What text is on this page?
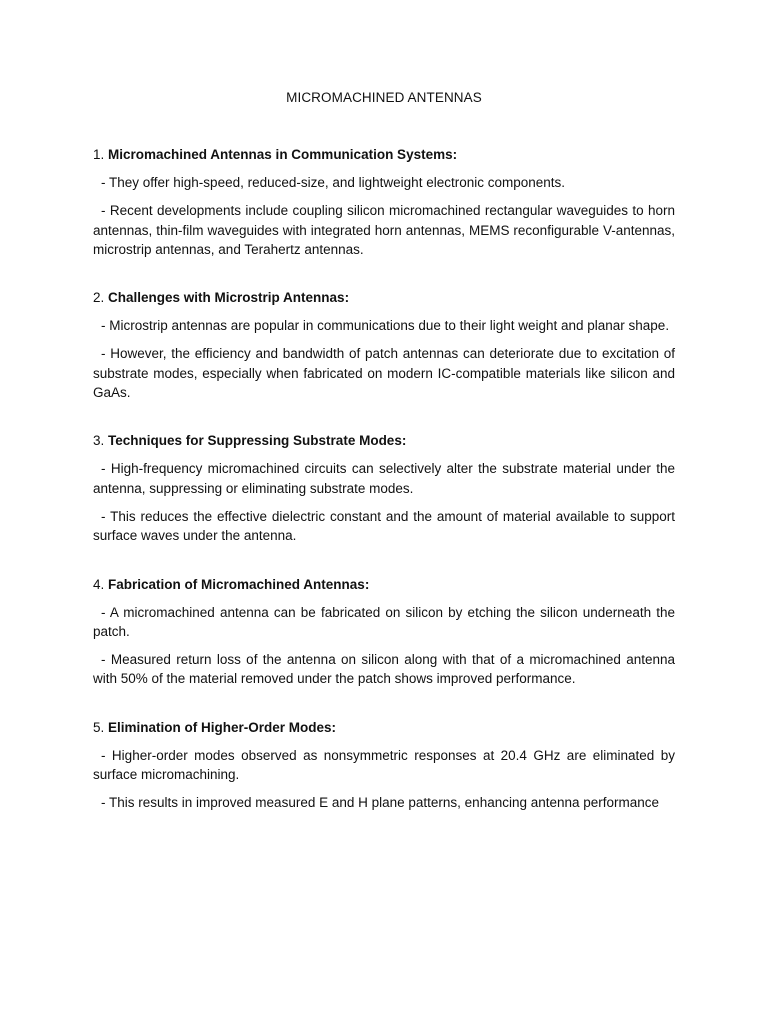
MICROMACHINED ANTENNAS
1. Micromachined Antennas in Communication Systems:

- They offer high-speed, reduced-size, and lightweight electronic components.

- Recent developments include coupling silicon micromachined rectangular waveguides to horn antennas, thin-film waveguides with integrated horn antennas, MEMS reconfigurable V-antennas, microstrip antennas, and Terahertz antennas.

2. Challenges with Microstrip Antennas:

- Microstrip antennas are popular in communications due to their light weight and planar shape.

- However, the efficiency and bandwidth of patch antennas can deteriorate due to excitation of substrate modes, especially when fabricated on modern IC-compatible materials like silicon and GaAs.

3. Techniques for Suppressing Substrate Modes:

- High-frequency micromachined circuits can selectively alter the substrate material under the antenna, suppressing or eliminating substrate modes.

- This reduces the effective dielectric constant and the amount of material available to support surface waves under the antenna.

4. Fabrication of Micromachined Antennas:

- A micromachined antenna can be fabricated on silicon by etching the silicon underneath the patch.

- Measured return loss of the antenna on silicon along with that of a micromachined antenna with 50% of the material removed under the patch shows improved performance.

5. Elimination of Higher-Order Modes:

- Higher-order modes observed as nonsymmetric responses at 20.4 GHz are eliminated by surface micromachining.

- This results in improved measured E and H plane patterns, enhancing antenna performance
